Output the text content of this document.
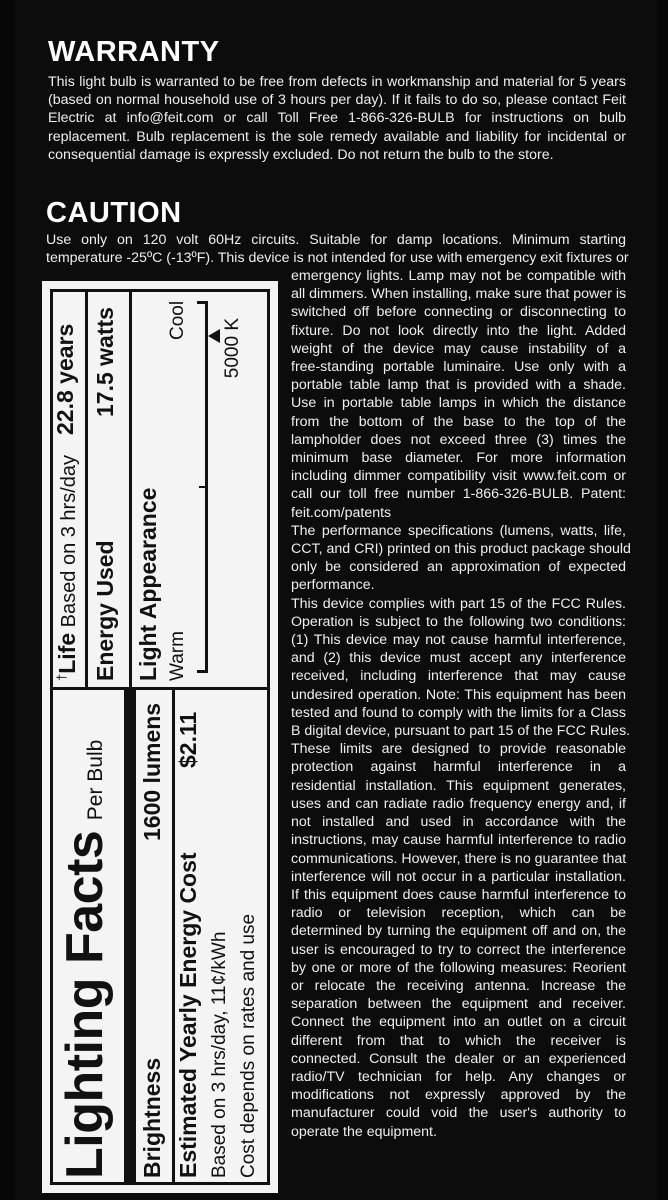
WARRANTY
This light bulb is warranted to be free from defects in workmanship and material for 5 years
(based on normal household use of 3 hours per day). If it fails to do so, please contact Feit
Electric at info@feit.com or call Toll Free 1-866-326-BULB for instructions on bulb
replacement. Bulb replacement is the sole remedy available and liability for incidental or
consequential damage is expressly excluded. Do not return the bulb to the store.
CAUTION
Use only on 120 volt 60Hz circuits. Suitable for damp locations. Minimum starting
temperature -25ºC (-13ºF). This device is not intended for use with emergency exit fixtures or
emergency lights. Lamp may not be compatible with
all dimmers. When installing, make sure that power is
switched off before connecting or disconnecting to
fixture. Do not look directly into the light. Added
weight of the device may cause instability of a
free-standing portable luminaire. Use only with a
portable table lamp that is provided with a shade.
Use in portable table lamps in which the distance
from the bottom of the base to the top of the
lampholder does not exceed three (3) times the
minimum base diameter. For more information
including dimmer compatibility visit www.feit.com or
call our toll free number 1-866-326-BULB. Patent:
feit.com/patents
The performance specifications (lumens, watts, life,
CCT, and CRI) printed on this product package should
only be considered an approximation of expected
performance.
This device complies with part 15 of the FCC Rules.
Operation is subject to the following two conditions:
(1) This device may not cause harmful interference,
and (2) this device must accept any interference
received, including interference that may cause
undesired operation. Note: This equipment has been
tested and found to comply with the limits for a Class
B digital device, pursuant to part 15 of the FCC Rules.
These limits are designed to provide reasonable
protection against harmful interference in a
residential installation. This equipment generates,
uses and can radiate radio frequency energy and, if
not installed and used in accordance with the
instructions, may cause harmful interference to radio
communications. However, there is no guarantee that
interference will not occur in a particular installation.
If this equipment does cause harmful interference to
radio or television reception, which can be
determined by turning the equipment off and on, the
user is encouraged to try to correct the interference
by one or more of the following measures: Reorient
or relocate the receiving antenna. Increase the
separation between the equipment and receiver.
Connect the equipment into an outlet on a circuit
different from that to which the receiver is
connected. Consult the dealer or an experienced
radio/TV technician for help. Any changes or
modifications not expressly approved by the
manufacturer could void the user's authority to
operate the equipment.
Lighting Facts Per Bulb
Brightness
1600 lumens
Estimated Yearly Energy Cost
$2.11
Based on 3 hrs/day, 11¢/kWh Cost depends on rates and use
†Life Based on 3 hrs/day
22.8 years
Energy Used
17.5 watts
Light Appearance Warm
Cool 5000 K
